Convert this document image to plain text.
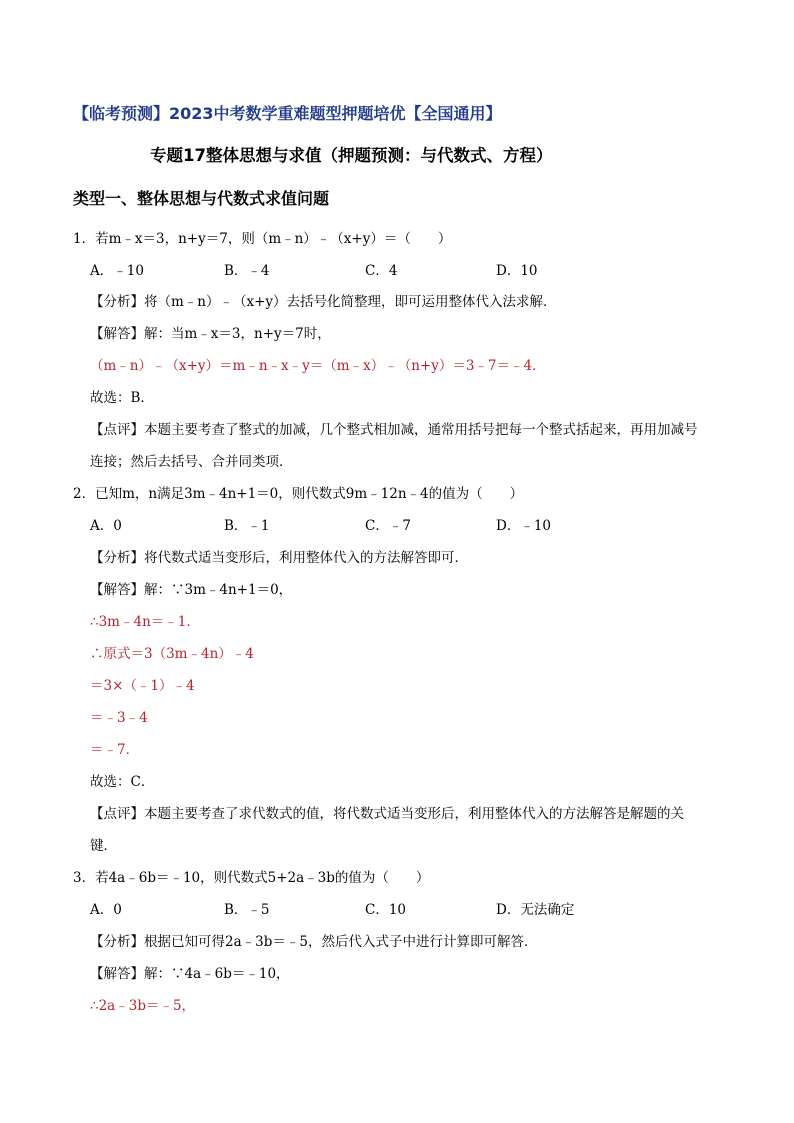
【临考预测】2023中考数学重难题型押题培优【全国通用】
专题17整体思想与求值（押题预测：与代数式、方程）
类型一、整体思想与代数式求值问题
1．若m﹣x＝3，n+y＝7，则（m﹣n）﹣（x+y）＝（　　）
A．﹣10	B．﹣4	C．4	D．10
【分析】将（m﹣n）﹣（x+y）去括号化简整理，即可运用整体代入法求解．
【解答】解：当m﹣x＝3，n+y＝7时，
（m﹣n）﹣（x+y）＝m﹣n﹣x﹣y＝（m﹣x）﹣（n+y）＝3﹣7＝﹣4．
故选：B．
【点评】本题主要考查了整式的加减，几个整式相加减，通常用括号把每一个整式括起来，再用加减号
连接；然后去括号、合并同类项．
2．已知m，n满足3m﹣4n+1＝0，则代数式9m﹣12n﹣4的值为（　　）
A．0	B．﹣1	C．﹣7	D．﹣10
【分析】将代数式适当变形后，利用整体代入的方法解答即可．
【解答】解：∵3m﹣4n+1＝0，
∴3m﹣4n＝﹣1．
∴原式＝3（3m﹣4n）﹣4
＝3×（﹣1）﹣4
＝﹣3﹣4
＝﹣7．
故选：C．
【点评】本题主要考查了求代数式的值，将代数式适当变形后，利用整体代入的方法解答是解题的关
键．
3．若4a﹣6b＝﹣10，则代数式5+2a﹣3b的值为（　　）
A．0	B．﹣5	C．10	D．无法确定
【分析】根据已知可得2a﹣3b＝﹣5，然后代入式子中进行计算即可解答．
【解答】解：∵4a﹣6b＝﹣10，
∴2a﹣3b＝﹣5，
